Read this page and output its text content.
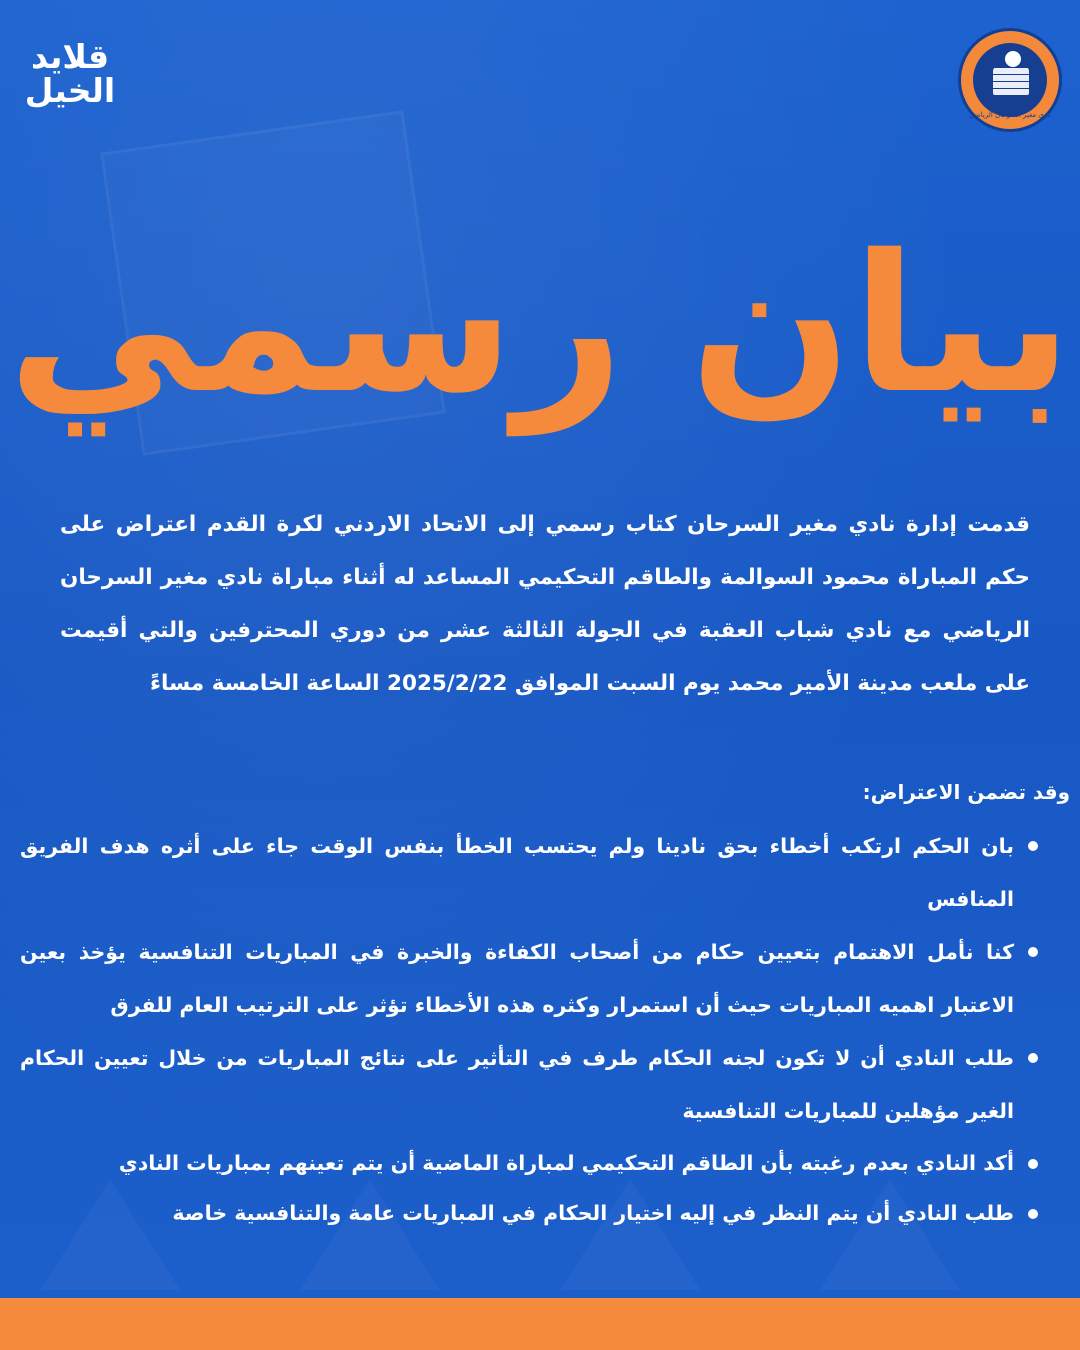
قلايد
الخيل
نادي مغير السرحان الرياضي
بيان رسمي
قدمت إدارة نادي مغير السرحان كتاب رسمي إلى الاتحاد الاردني لكرة القدم اعتراض على حكم المباراة محمود السوالمة والطاقم التحكيمي المساعد له أثناء مباراة نادي مغير السرحان الرياضي مع نادي شباب العقبة في الجولة الثالثة عشر من دوري المحترفين والتي أقيمت على ملعب مدينة الأمير محمد يوم السبت الموافق 2025/2/22 الساعة الخامسة مساءً
وقد تضمن الاعتراض:
بان الحكم ارتكب أخطاء بحق نادينا ولم يحتسب الخطأ بنفس الوقت جاء على أثره هدف الفريق المنافس
كنا نأمل الاهتمام بتعيين حكام من أصحاب الكفاءة والخبرة في المباريات التنافسية يؤخذ بعين الاعتبار اهميه المباريات حيث أن استمرار وكثره هذه الأخطاء تؤثر على الترتيب العام للفرق
طلب النادي أن لا تكون لجنه الحكام طرف في التأثير على نتائج المباريات من خلال تعيين الحكام الغير مؤهلين للمباريات التنافسية
أكد النادي بعدم رغبته بأن الطاقم التحكيمي لمباراة الماضية أن يتم تعينهم بمباريات النادي
طلب النادي أن يتم النظر في إليه اختيار الحكام في المباريات عامة والتنافسية خاصة
